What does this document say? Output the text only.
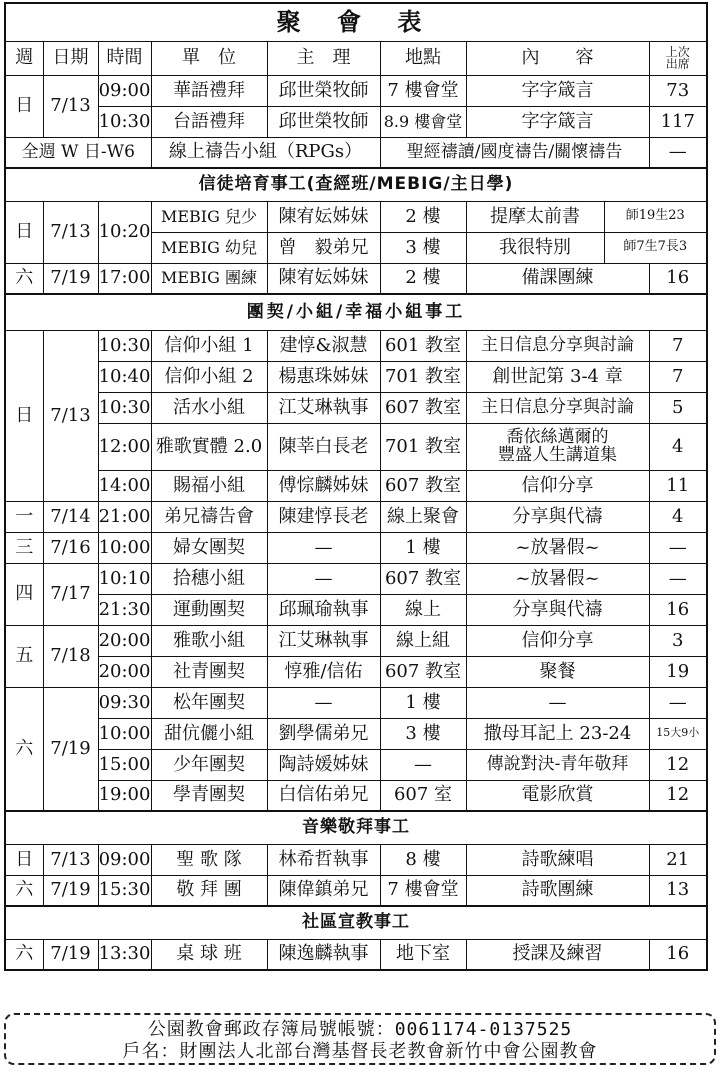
聚 會 表								
週	日期	時間	單　位	主　理	地點	內　　容		上次
出席
日	7/13	09:00	華語禮拜	邱世榮牧師	7 樓會堂	字字箴言		73
		10:30	台語禮拜	邱世榮牧師	8.9 樓會堂	字字箴言		117
全週 W 日-W6			線上禱告小組（RPGs）		聖經禱讀/國度禱告/關懷禱告			—
信徒培育事工(查經班/MEBIG/主日學)								
日	7/13	10:20	MEBIG 兒少	陳宥妘姊妹	2 樓	提摩太前書	師19生23	
			MEBIG 幼兒	曾　毅弟兄	3 樓	我很特別	師7生7長3	
六	7/19	17:00	MEBIG 團練	陳宥妘姊妹	2 樓	備課團練		16
團契/小組/幸福小組事工								
日	7/13	10:30	信仰小組 1	建惇&淑慧	601 教室	主日信息分享與討論		7
		10:40	信仰小組 2	楊惠珠姊妹	701 教室	創世記第 3-4 章		7
		10:30	活水小組	江艾琳執事	607 教室	主日信息分享與討論		5
		12:00	雅歌實體 2.0	陳莘白長老	701 教室	喬依絲邁爾的
豐盛人生講道集		4
		14:00	賜福小組	傅悰麟姊妹	607 教室	信仰分享		11
一	7/14	21:00	弟兄禱告會	陳建惇長老	線上聚會	分享與代禱		4
三	7/16	10:00	婦女團契	—	1 樓	~放暑假~		—
四	7/17	10:10	拾穗小組	—	607 教室	~放暑假~		—
		21:30	運動團契	邱珮瑜執事	線上	分享與代禱		16
五	7/18	20:00	雅歌小組	江艾琳執事	線上組	信仰分享		3
		20:00	社青團契	惇雅/信佑	607 教室	聚餐		19
六	7/19	09:30	松年團契	—	1 樓	—		—
		10:00	甜伉儷小組	劉學儒弟兄	3 樓	撒母耳記上 23-24		15大9小
		15:00	少年團契	陶詩媛姊妹	—	傳說對決-青年敬拜		12
		19:00	學青團契	白信佑弟兄	607 室	電影欣賞		12
音樂敬拜事工								
日	7/13	09:00	聖 歌 隊	林希哲執事	8 樓	詩歌練唱		21
六	7/19	15:30	敬 拜 團	陳偉鎮弟兄	7 樓會堂	詩歌團練		13
社區宣教事工								
六	7/19	13:30	桌 球 班	陳逸麟執事	地下室	授課及練習		16
公園教會郵政存簿局號帳號：0061174-0137525
戶名：財團法人北部台灣基督長老教會新竹中會公園教會
